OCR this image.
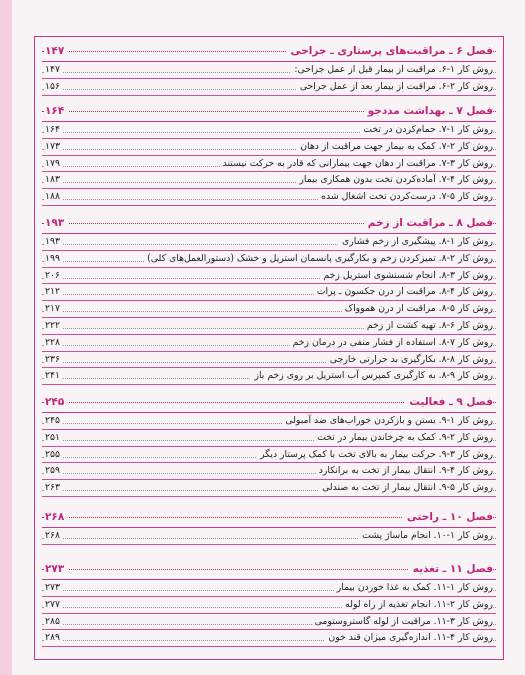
فصل ۶ ـ مراقبت‌های پرستاری ـ جراحی
۱۴۷
روش کار ۱-۶. مراقبت از بیمار قبل از عمل جراحی:
۱۴۷
روش کار ۲-۶. مراقبت از بیمار بعد از عمل جراحی
۱۵۶
فصل ۷ ـ بهداشت مددجو
۱۶۴
روش کار ۱-۷. حمام‌کردن در تخت
۱۶۴
روش کار ۲-۷. کمک به بیمار جهت مراقبت از دهان
۱۷۳
روش کار ۳-۷. مراقبت از دهان جهت بیمارانی که قادر به حرکت نیستند
۱۷۹
روش کار ۴-۷. آماده‌کردن تخت بدون همکاری بیمار
۱۸۳
روش کار ۵-۷. درست‌کردن تخت اشغال شده
۱۸۸
فصل ۸ ـ مراقبت از زخم
۱۹۳
روش کار ۱-۸. پیشگیری از زخم فشاری
۱۹۳
روش کار ۲-۸. تمیزکردن زخم و بکارگیری پانسمان استریل و خشک (دستورالعمل‌های کلی)
۱۹۹
روش کار ۳-۸. انجام شستشوی استریل زخم
۲۰۶
روش کار ۴-۸. مراقبت از درن جکسون ـ پرات
۲۱۲
روش کار ۵-۸. مراقبت از درن هموواک
۲۱۷
روش کار ۶-۸. تهیه کشت از زخم
۲۲۲
روش کار ۷-۸. استفاده از فشار منفی در درمان زخم
۲۲۸
روش کار ۸-۸. بکارگیری بد حرارتی خارجی
۲۳۶
روش کار ۹-۸. به کارگیری کمپرس آب استریل بر روی زخم باز
۲۴۱
فصل ۹ ـ فعالیت
۲۴۵
روش کار ۱-۹. بستن و بازکردن جوراب‌های ضد آمبولی
۲۴۵
روش کار ۲-۹. کمک به چرخاندن بیمار در تخت
۲۵۱
روش کار ۳-۹. حرکت بیمار به بالای تخت با کمک پرستار دیگر
۲۵۵
روش کار ۴-۹. انتقال بیمار از تخت به برانکارد
۲۵۹
روش کار ۵-۹. انتقال بیمار از تخت به صندلی
۲۶۳
فصل ۱۰ ـ راحتی
۲۶۸
روش کار ۱-۱۰. انجام ماساژ پشت
۲۶۸
فصل ۱۱ ـ تغذیه
۲۷۳
روش کار ۱-۱۱. کمک به غذا خوردن بیمار
۲۷۳
روش کار ۲-۱۱. انجام تغذیه از راه لوله
۲۷۷
روش کار ۳-۱۱. مراقبت از لوله گاستروستومی
۲۸۵
روش کار ۴-۱۱. اندازه‌گیری میزان قند خون
۲۸۹
